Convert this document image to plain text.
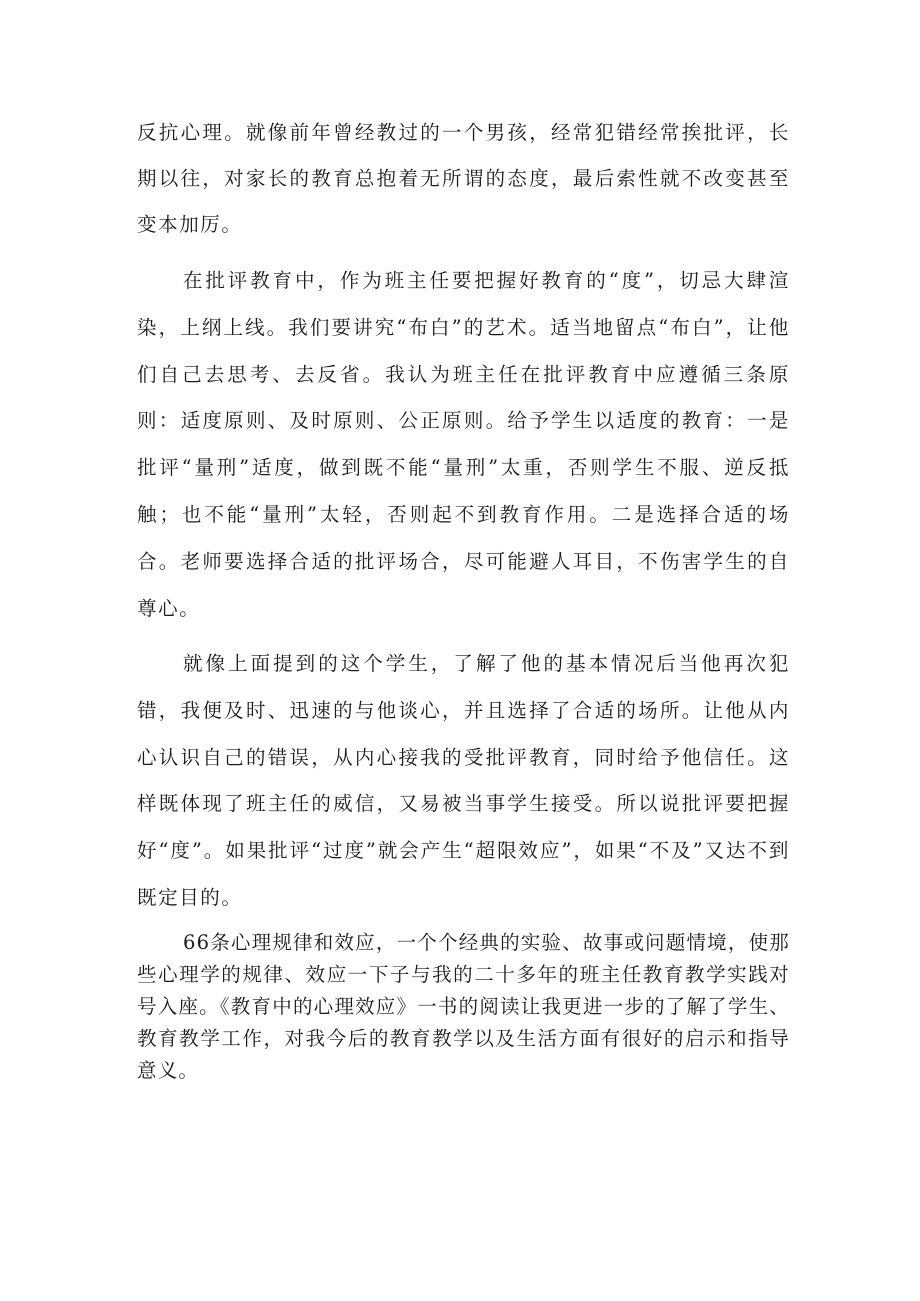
反抗心理。就像前年曾经教过的一个男孩，经常犯错经常挨批评，长期以往，对家长的教育总抱着无所谓的态度，最后索性就不改变甚至变本加厉。

在批评教育中，作为班主任要把握好教育的“度”，切忌大肆渲染，上纲上线。我们要讲究“布白”的艺术。适当地留点“布白”，让他们自己去思考、去反省。我认为班主任在批评教育中应遵循三条原则：适度原则、及时原则、公正原则。给予学生以适度的教育：一是批评“量刑”适度，做到既不能“量刑”太重，否则学生不服、逆反抵触；也不能“量刑”太轻，否则起不到教育作用。二是选择合适的场合。老师要选择合适的批评场合，尽可能避人耳目，不伤害学生的自尊心。

就像上面提到的这个学生，了解了他的基本情况后当他再次犯错，我便及时、迅速的与他谈心，并且选择了合适的场所。让他从内心认识自己的错误，从内心接我的受批评教育，同时给予他信任。这样既体现了班主任的威信，又易被当事学生接受。所以说批评要把握好“度”。如果批评“过度”就会产生“超限效应”，如果“不及”又达不到既定目的。

66条心理规律和效应，一个个经典的实验、故事或问题情境，使那些心理学的规律、效应一下子与我的二十多年的班主任教育教学实践对号入座。《教育中的心理效应》一书的阅读让我更进一步的了解了学生、教育教学工作，对我今后的教育教学以及生活方面有很好的启示和指导意义。
